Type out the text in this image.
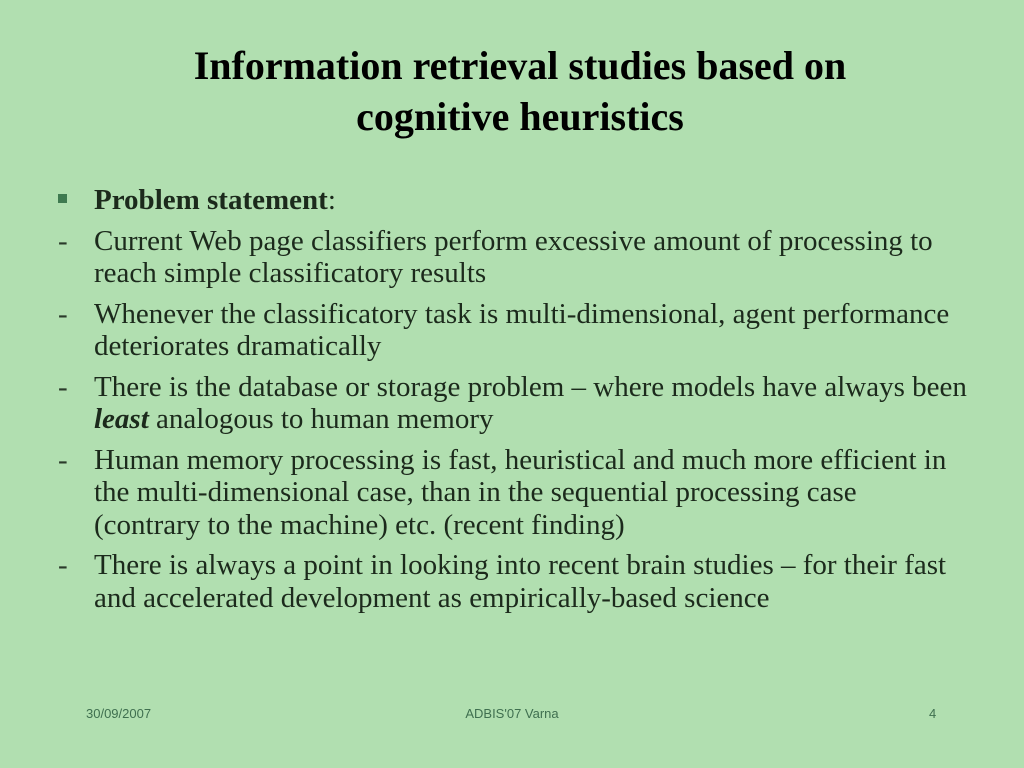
Information retrieval studies based on
cognitive heuristics
Problem statement:
- Current Web page classifiers perform excessive amount of processing to reach simple classificatory results
- Whenever the classificatory task is multi-dimensional, agent performance deteriorates dramatically
- There is the database or storage problem – where models have always been least analogous to human memory
- Human memory processing is fast, heuristical and much more efficient in the multi-dimensional case, than in the sequential processing case (contrary to the machine) etc. (recent finding)
- There is always a point in looking into recent brain studies – for their fast and accelerated development as empirically-based science
30/09/2007	ADBIS'07 Varna	4
